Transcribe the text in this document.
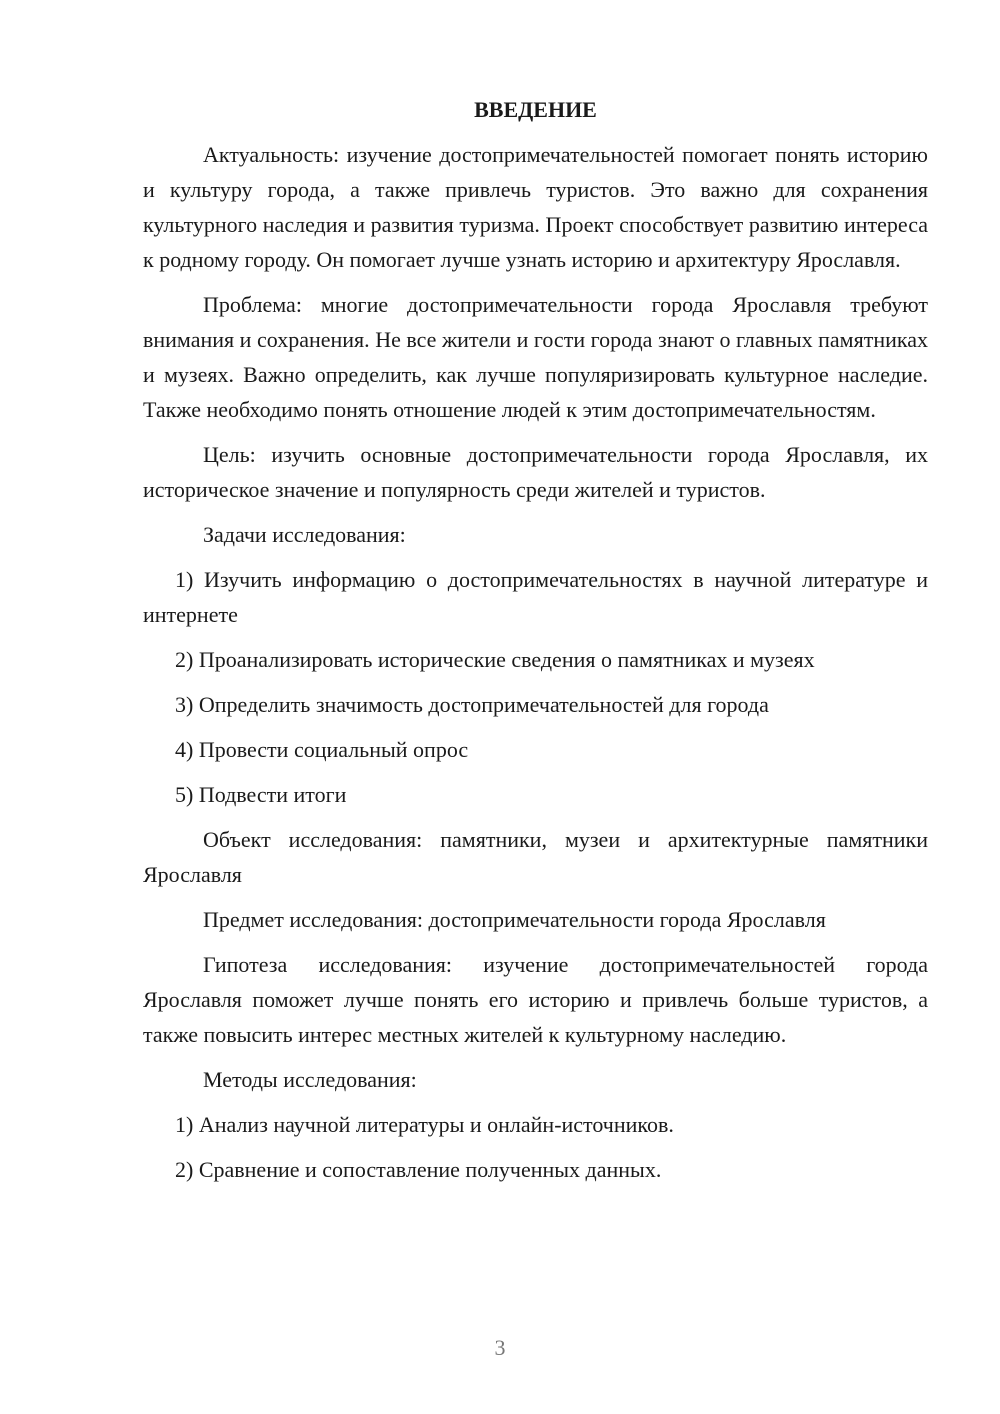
ВВЕДЕНИЕ

Актуальность: изучение достопримечательностей помогает понять историю и культуру города, а также привлечь туристов. Это важно для сохранения культурного наследия и развития туризма. Проект способствует развитию интереса к родному городу. Он помогает лучше узнать историю и архитектуру Ярославля.

Проблема: многие достопримечательности города Ярославля требуют внимания и сохранения. Не все жители и гости города знают о главных памятниках и музеях. Важно определить, как лучше популяризировать культурное наследие. Также необходимо понять отношение людей к этим достопримечательностям.

Цель: изучить основные достопримечательности города Ярославля, их историческое значение и популярность среди жителей и туристов.

Задачи исследования:

1) Изучить информацию о достопримечательностях в научной литературе и интернете

2) Проанализировать исторические сведения о памятниках и музеях

3) Определить значимость достопримечательностей для города

4) Провести социальный опрос

5) Подвести итоги

Объект исследования: памятники, музеи и архитектурные памятники Ярославля

Предмет исследования: достопримечательности города Ярославля

Гипотеза исследования: изучение достопримечательностей города Ярославля поможет лучше понять его историю и привлечь больше туристов, а также повысить интерес местных жителей к культурному наследию.

Методы исследования:

1) Анализ научной литературы и онлайн-источников.

2) Сравнение и сопоставление полученных данных.

3
